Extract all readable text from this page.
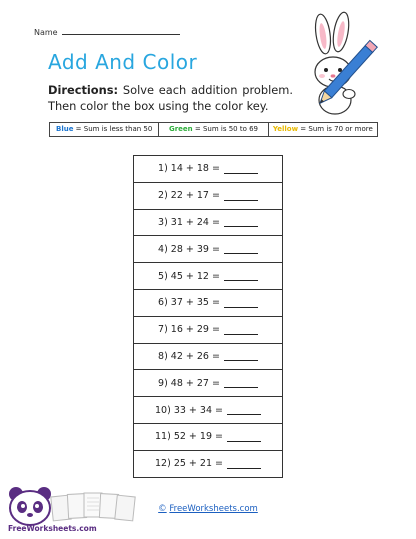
Name
Add And Color
Directions: Solve each addition problem. Then color the box using the color key.
Blue = Sum is less than 50	Green = Sum is 50 to 69	Yellow = Sum is 70 or more
1) 14 + 18 =
2) 22 + 17 =
3) 31 + 24 =
4) 28 + 39 =
5) 45 + 12 =
6) 37 + 35 =
7) 16 + 29 =
8) 42 + 26 =
9) 48 + 27 =
10) 33 + 34 =
11) 52 + 19 =
12) 25 + 21 =
FreeWorksheets.com
© FreeWorksheets.com
